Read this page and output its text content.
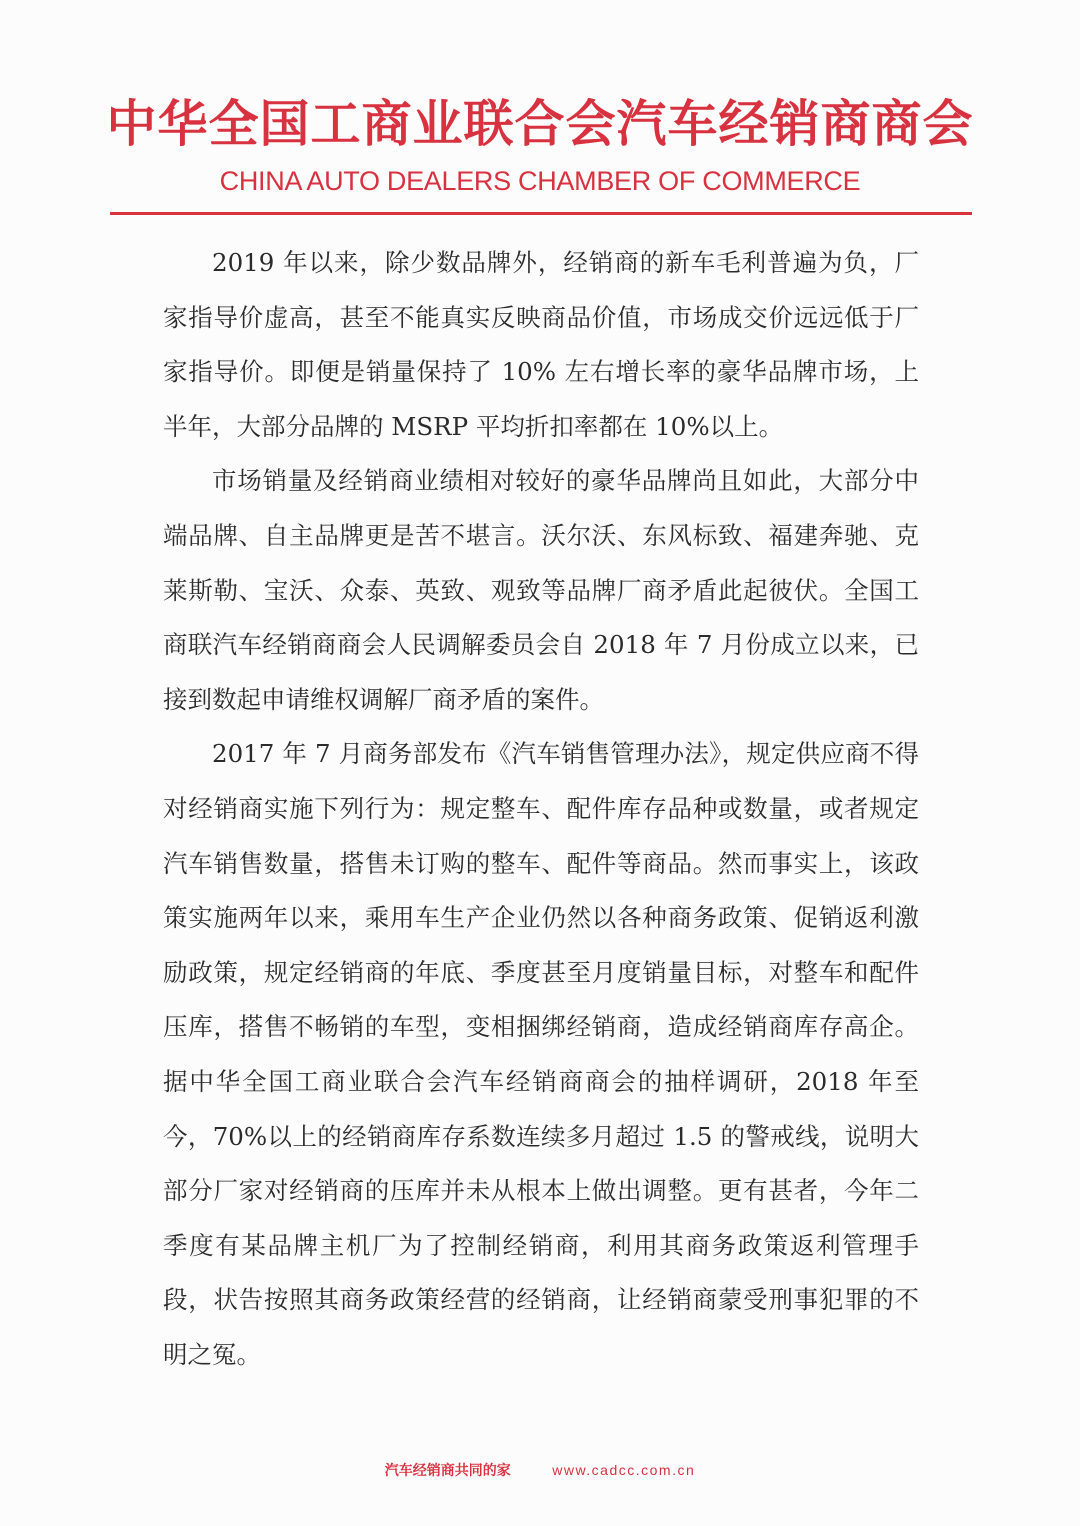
中华全国工商业联合会汽车经销商商会
CHINA AUTO DEALERS CHAMBER OF COMMERCE

2019 年以来，除少数品牌外，经销商的新车毛利普遍为负，厂家指导价虚高，甚至不能真实反映商品价值，市场成交价远远低于厂家指导价。即便是销量保持了 10% 左右增长率的豪华品牌市场，上半年，大部分品牌的 MSRP 平均折扣率都在 10%以上。

市场销量及经销商业绩相对较好的豪华品牌尚且如此，大部分中端品牌、自主品牌更是苦不堪言。沃尔沃、东风标致、福建奔驰、克莱斯勒、宝沃、众泰、英致、观致等品牌厂商矛盾此起彼伏。全国工商联汽车经销商商会人民调解委员会自 2018 年 7 月份成立以来，已接到数起申请维权调解厂商矛盾的案件。

2017 年 7 月商务部发布《汽车销售管理办法》，规定供应商不得对经销商实施下列行为：规定整车、配件库存品种或数量，或者规定汽车销售数量，搭售未订购的整车、配件等商品。然而事实上，该政策实施两年以来，乘用车生产企业仍然以各种商务政策、促销返利激励政策，规定经销商的年底、季度甚至月度销量目标，对整车和配件压库，搭售不畅销的车型，变相捆绑经销商，造成经销商库存高企。据中华全国工商业联合会汽车经销商商会的抽样调研，2018 年至今，70%以上的经销商库存系数连续多月超过 1.5 的警戒线，说明大部分厂家对经销商的压库并未从根本上做出调整。更有甚者，今年二季度有某品牌主机厂为了控制经销商，利用其商务政策返利管理手段，状告按照其商务政策经营的经销商，让经销商蒙受刑事犯罪的不明之冤。

汽车经销商共同的家	www.cadcc.com.cn
